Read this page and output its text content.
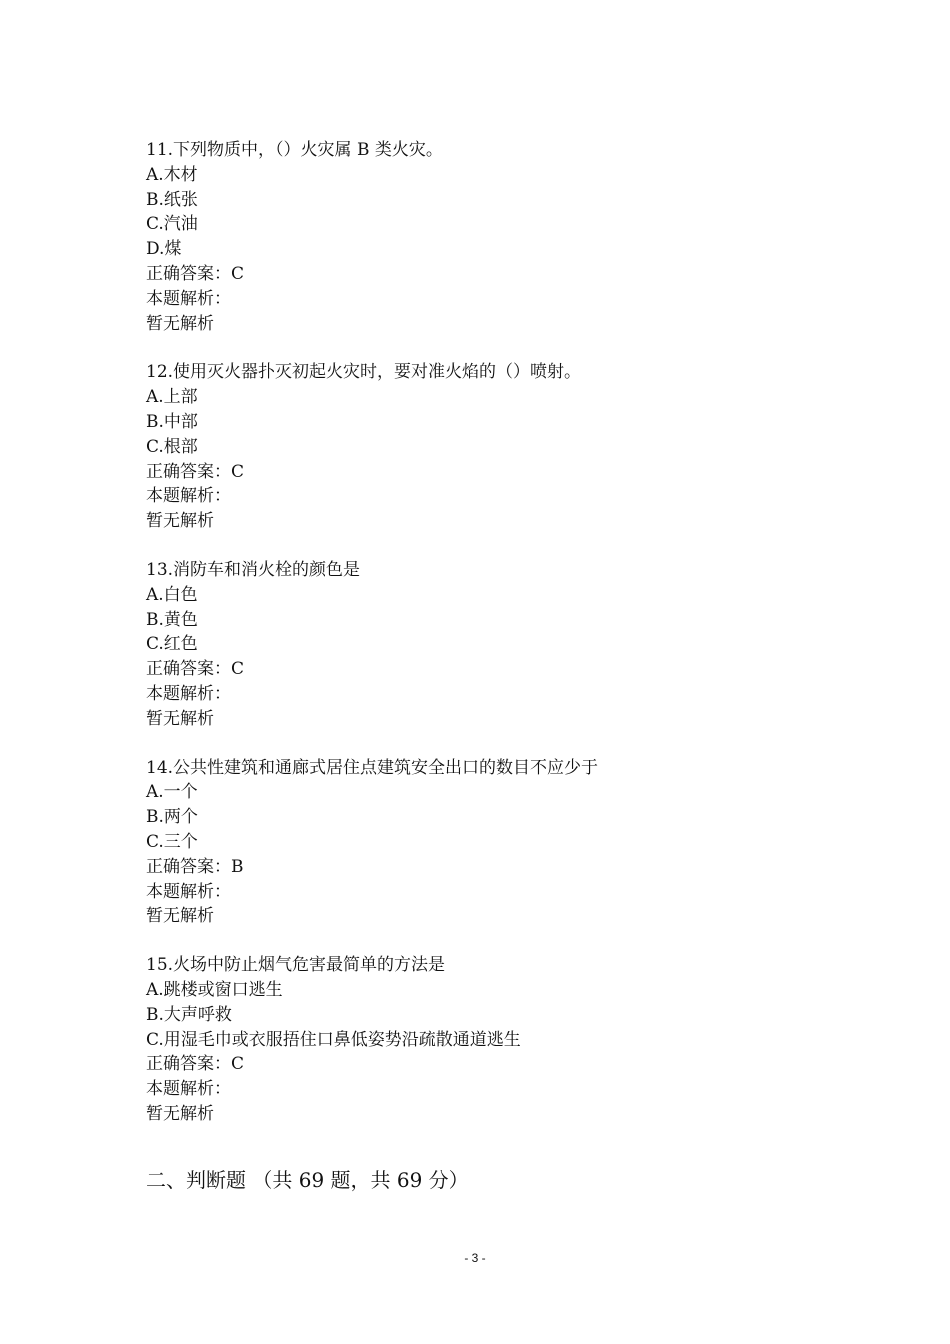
11.下列物质中，（）火灾属 B 类火灾。
A.木材
B.纸张
C.汽油
D.煤
正确答案：C
本题解析：
暂无解析
12.使用灭火器扑灭初起火灾时，要对准火焰的（）喷射。
A.上部
B.中部
C.根部
正确答案：C
本题解析：
暂无解析
13.消防车和消火栓的颜色是
A.白色
B.黄色
C.红色
正确答案：C
本题解析：
暂无解析
14.公共性建筑和通廊式居住点建筑安全出口的数目不应少于
A.一个
B.两个
C.三个
正确答案：B
本题解析：
暂无解析
15.火场中防止烟气危害最简单的方法是
A.跳楼或窗口逃生
B.大声呼救
C.用湿毛巾或衣服捂住口鼻低姿势沿疏散通道逃生
正确答案：C
本题解析：
暂无解析
二、判断题 （共 69 题，共 69 分）
- 3 -
